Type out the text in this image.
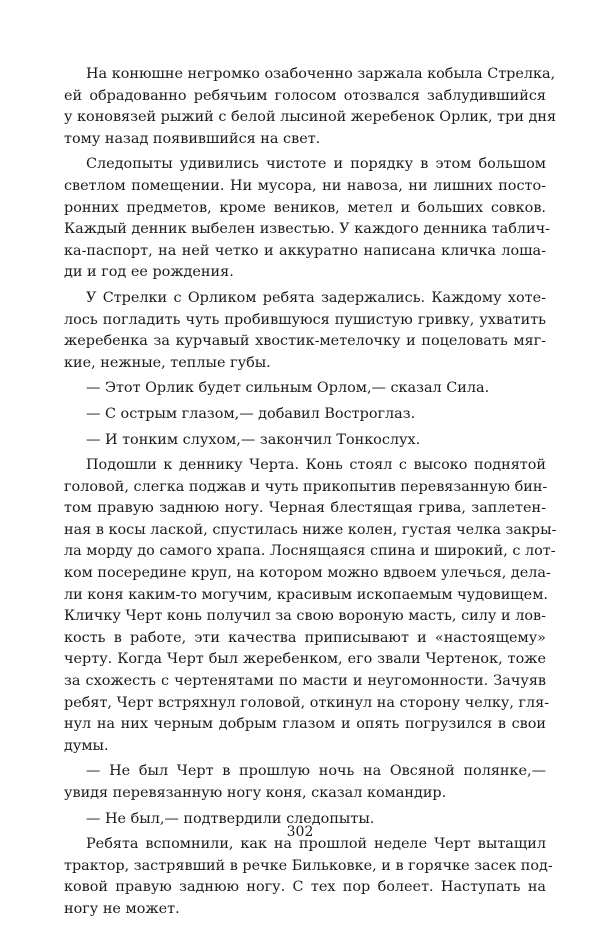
На конюшне негромко озабоченно заржала кобыла Стрелка,
ей обрадованно ребячьим голосом отозвался заблудившийся
у коновязей рыжий с белой лысиной жеребенок Орлик, три дня
тому назад появившийся на свет.
Следопыты удивились чистоте и порядку в этом большом
светлом помещении. Ни мусора, ни навоза, ни лишних посто-
ронних предметов, кроме веников, метел и больших совков.
Каждый денник выбелен известью. У каждого денника таблич-
ка-паспорт, на ней четко и аккуратно написана кличка лоша-
ди и год ее рождения.
У Стрелки с Орликом ребята задержались. Каждому хоте-
лось погладить чуть пробившуюся пушистую гривку, ухватить
жеребенка за курчавый хвостик-метелочку и поцеловать мяг-
кие, нежные, теплые губы.
— Этот Орлик будет сильным Орлом,— сказал Сила.
— С острым глазом,— добавил Востроглаз.
— И тонким слухом,— закончил Тонкослух.
Подошли к деннику Черта. Конь стоял с высоко поднятой
головой, слегка поджав и чуть прикопытив перевязанную бин-
том правую заднюю ногу. Черная блестящая грива, заплетен-
ная в косы лаской, спустилась ниже колен, густая челка закры-
ла морду до самого храпа. Лоснящаяся спина и широкий, с лот-
ком посередине круп, на котором можно вдвоем улечься, дела-
ли коня каким-то могучим, красивым ископаемым чудовищем.
Кличку Черт конь получил за свою вороную масть, силу и лов-
кость в работе, эти качества приписывают и «настоящему»
черту. Когда Черт был жеребенком, его звали Чертенок, тоже
за схожесть с чертенятами по масти и неугомонности. Зачуяв
ребят, Черт встряхнул головой, откинул на сторону челку, гля-
нул на них черным добрым глазом и опять погрузился в свои
думы.
— Не был Черт в прошлую ночь на Овсяной полянке,—
увидя перевязанную ногу коня, сказал командир.
— Не был,— подтвердили следопыты.
Ребята вспомнили, как на прошлой неделе Черт вытащил
трактор, застрявший в речке Бильковке, и в горячке засек под-
ковой правую заднюю ногу. С тех пор болеет. Наступать на
ногу не может.
302
